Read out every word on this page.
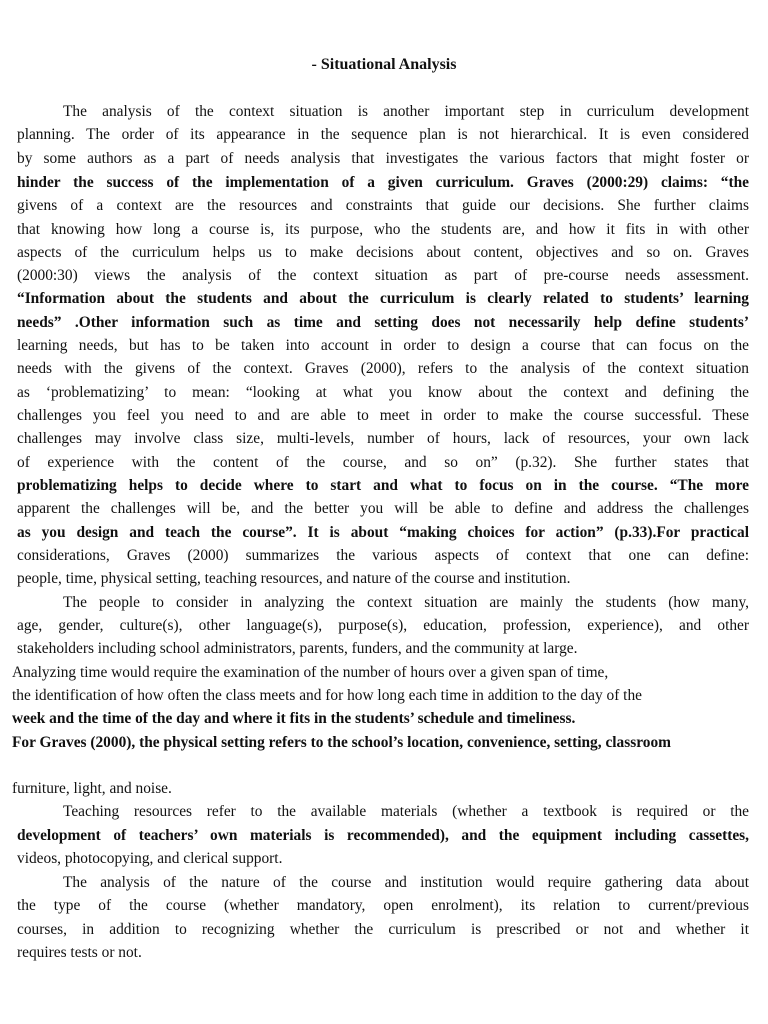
- Situational Analysis
The analysis of the context situation is another important step in curriculum development
planning. The order of its appearance in the sequence plan is not hierarchical. It is even considered
by some authors as a part of needs analysis that investigates the various factors that might foster or
hinder the success of the implementation of a given curriculum. Graves (2000:29) claims: “the
givens of a context are the resources and constraints that guide our decisions. She further claims
that knowing how long a course is, its purpose, who the students are, and how it fits in with other
aspects of the curriculum helps us to make decisions about content, objectives and so on. Graves
(2000:30) views the analysis of the context situation as part of pre-course needs assessment.
“Information about the students and about the curriculum is clearly related to students’ learning
needs” .Other information such as time and setting does not necessarily help define students’
learning needs, but has to be taken into account in order to design a course that can focus on the
needs with the givens of the context. Graves (2000), refers to the analysis of the context situation
as ‘problematizing’ to mean: “looking at what you know about the context and defining the
challenges you feel you need to and are able to meet in order to make the course successful. These
challenges may involve class size, multi-levels, number of hours, lack of resources, your own lack
of experience with the content of the course, and so on” (p.32). She further states that
problematizing helps to decide where to start and what to focus on in the course. “The more
apparent the challenges will be, and the better you will be able to define and address the challenges
as you design and teach the course”. It is about “making choices for action” (p.33).For practical
considerations, Graves (2000) summarizes the various aspects of context that one can define:
people, time, physical setting, teaching resources, and nature of the course and institution.
The people to consider in analyzing the context situation are mainly the students (how many,
age, gender, culture(s), other language(s), purpose(s), education, profession, experience), and other
stakeholders including school administrators, parents, funders, and the community at large.
Analyzing time would require the examination of the number of hours over a given span of time,
the identification of how often the class meets and for how long each time in addition to the day of the
week and the time of the day and where it fits in the students’ schedule and timeliness.
For Graves (2000), the physical setting refers to the school’s location, convenience, setting, classroom
furniture, light, and noise.
Teaching resources refer to the available materials (whether a textbook is required or the
development of teachers’ own materials is recommended), and the equipment including cassettes,
videos, photocopying, and clerical support.
The analysis of the nature of the course and institution would require gathering data about
the type of the course (whether mandatory, open enrolment), its relation to current/previous
courses, in addition to recognizing whether the curriculum is prescribed or not and whether it
requires tests or not.
